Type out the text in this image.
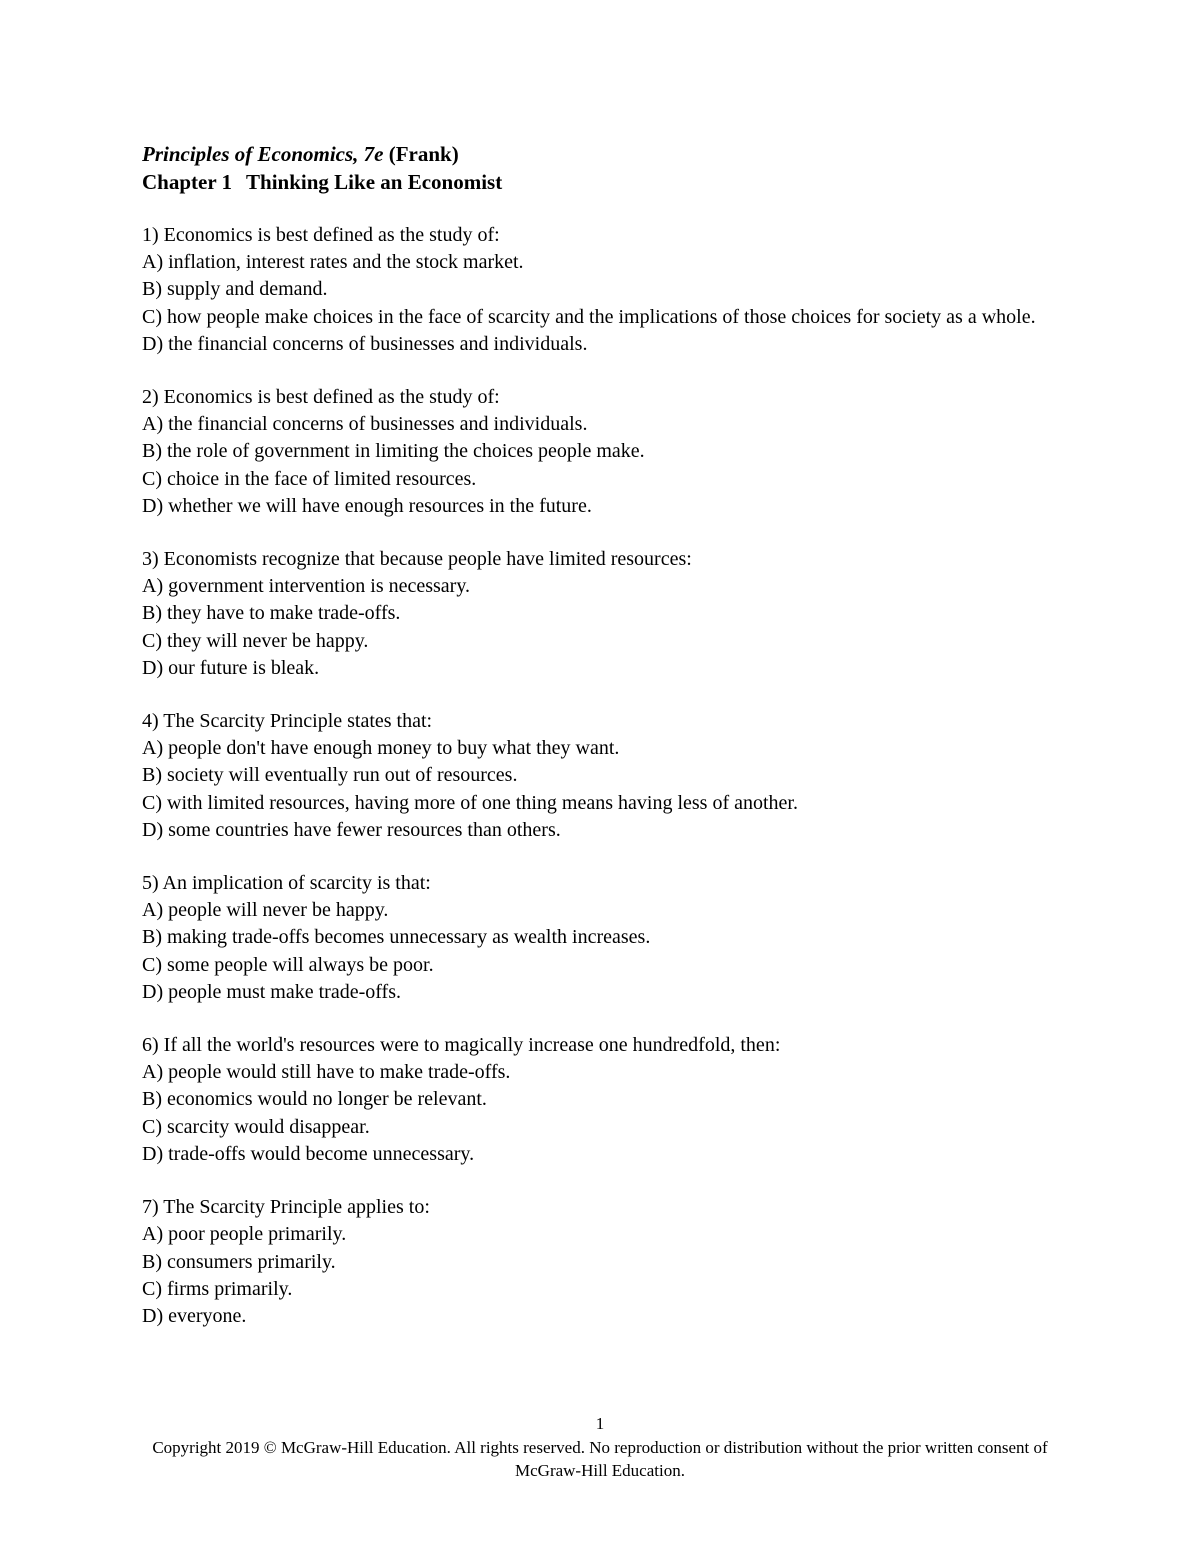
Principles of Economics, 7e (Frank)

Chapter 1 Thinking Like an Economist

1) Economics is best defined as the study of:

A) inflation, interest rates and the stock market.

B) supply and demand.

C) how people make choices in the face of scarcity and the implications of those choices for society as a whole.

D) the financial concerns of businesses and individuals.

2) Economics is best defined as the study of:

A) the financial concerns of businesses and individuals.

B) the role of government in limiting the choices people make.

C) choice in the face of limited resources.

D) whether we will have enough resources in the future.

3) Economists recognize that because people have limited resources:

A) government intervention is necessary.

B) they have to make trade-offs.

C) they will never be happy.

D) our future is bleak.

4) The Scarcity Principle states that:

A) people don't have enough money to buy what they want.

B) society will eventually run out of resources.

C) with limited resources, having more of one thing means having less of another.

D) some countries have fewer resources than others.

5) An implication of scarcity is that:

A) people will never be happy.

B) making trade-offs becomes unnecessary as wealth increases.

C) some people will always be poor.

D) people must make trade-offs.

6) If all the world's resources were to magically increase one hundredfold, then:

A) people would still have to make trade-offs.

B) economics would no longer be relevant.

C) scarcity would disappear.

D) trade-offs would become unnecessary.

7) The Scarcity Principle applies to:

A) poor people primarily.

B) consumers primarily.

C) firms primarily.

D) everyone.

1
Copyright 2019 © McGraw-Hill Education. All rights reserved. No reproduction or distribution without the prior written consent of McGraw-Hill Education.
